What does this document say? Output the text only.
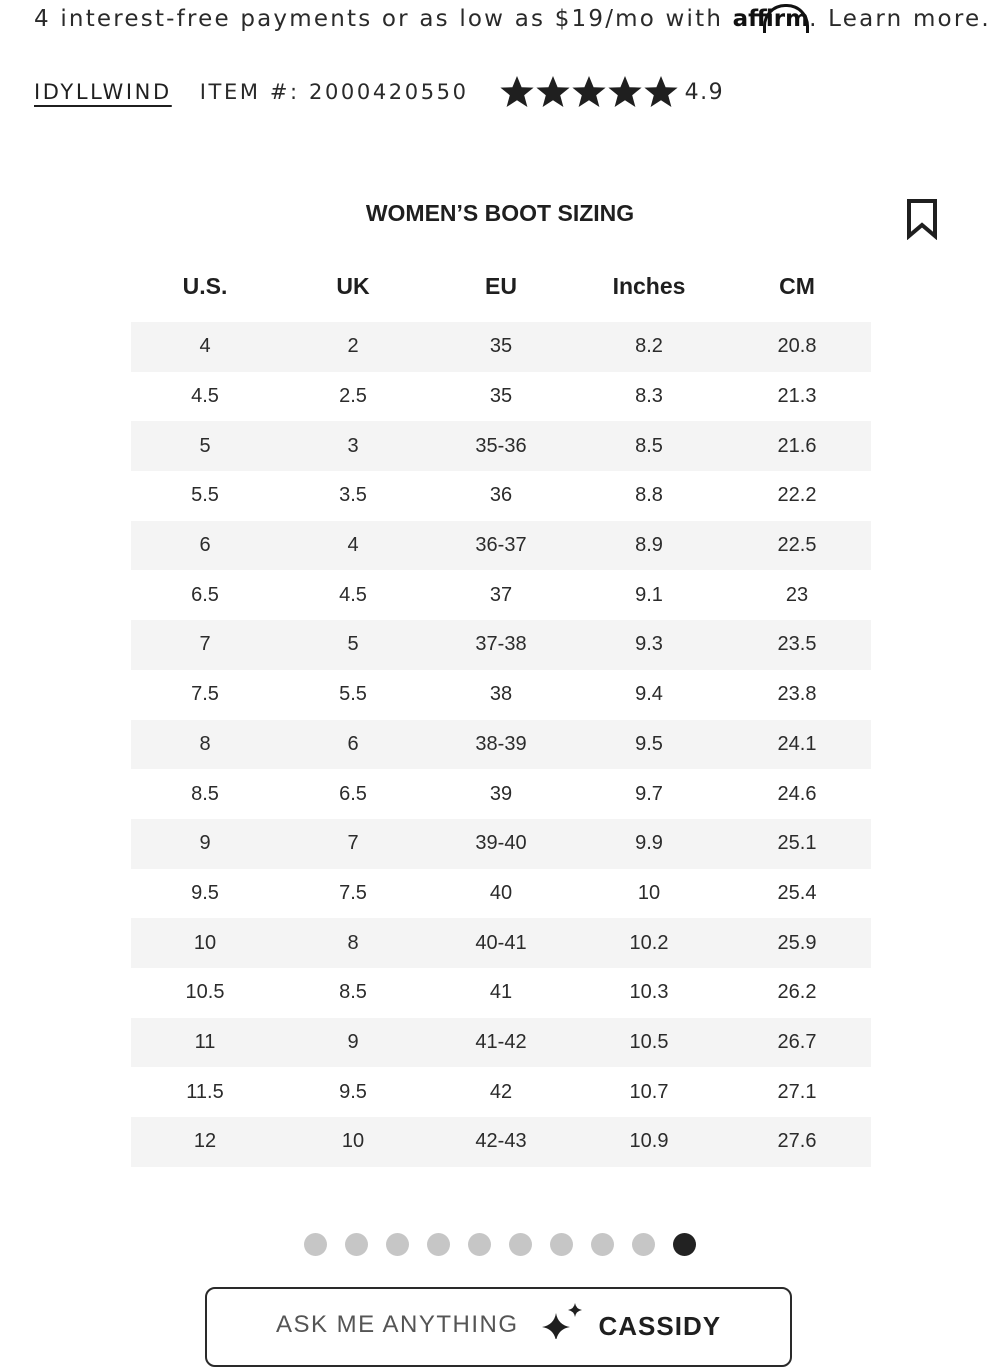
4 interest-free payments or as low as $19/mo with affirm
. Learn more.
IDYLLWIND ITEM #: 2000420550	4.9
WOMEN’S BOOT SIZING
U.S.	UK	EU	Inches	CM

4	2	35	8.2	20.8
4.5	2.5	35	8.3	21.3
5	3	35-36	8.5	21.6
5.5	3.5	36	8.8	22.2
6	4	36-37	8.9	22.5
6.5	4.5	37	9.1	23
7	5	37-38	9.3	23.5
7.5	5.5	38	9.4	23.8
8	6	38-39	9.5	24.1
8.5	6.5	39	9.7	24.6
9	7	39-40	9.9	25.1
9.5	7.5	40	10	25.4
10	8	40-41	10.2	25.9
10.5	8.5	41	10.3	26.2
11	9	41-42	10.5	26.7
11.5	9.5	42	10.7	27.1
12	10	42-43	10.9	27.6
ASK ME ANYTHING	CASSIDY
